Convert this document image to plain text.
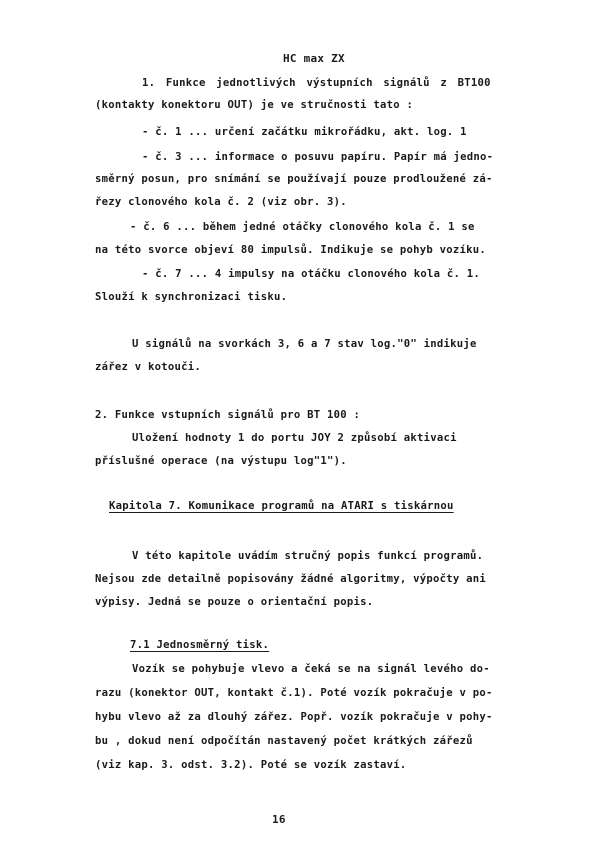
HC max ZX
1. Funkce jednotlivých výstupních signálů z BT100
(kontakty konektoru OUT) je ve stručnosti tato :
- č. 1 ... určení začátku mikrořádku, akt. log. 1
- č. 3 ... informace o posuvu papíru. Papír má jedno-
směrný posun, pro snímání se používají pouze prodloužené zá-
řezy clonového kola č. 2 (viz obr. 3).
- č. 6 ... během jedné otáčky clonového kola č. 1 se
na této svorce objeví 80 impulsů. Indikuje se pohyb vozíku.
- č. 7 ... 4 impulsy na otáčku clonového kola č. 1.
Slouží k synchronizaci tisku.
U signálů na svorkách 3, 6 a 7 stav log."0" indikuje
zářez v kotouči.
2. Funkce vstupních signálů pro BT 100 :
Uložení hodnoty 1 do portu JOY 2 způsobí aktivaci
příslušné operace (na výstupu log"1").
Kapitola 7. Komunikace programů na ATARI s tiskárnou
V této kapitole uvádím stručný popis funkcí programů.
Nejsou zde detailně popisovány žádné algoritmy, výpočty ani
výpisy. Jedná se pouze o orientační popis.
7.1 Jednosměrný tisk.
Vozík se pohybuje vlevo a čeká se na signál levého do-
razu (konektor OUT, kontakt č.1). Poté vozík pokračuje v po-
hybu vlevo až za dlouhý zářez. Popř. vozík pokračuje v pohy-
bu , dokud není odpočítán nastavený počet krátkých zářezů
(viz kap. 3. odst. 3.2). Poté se vozík zastaví.
16
